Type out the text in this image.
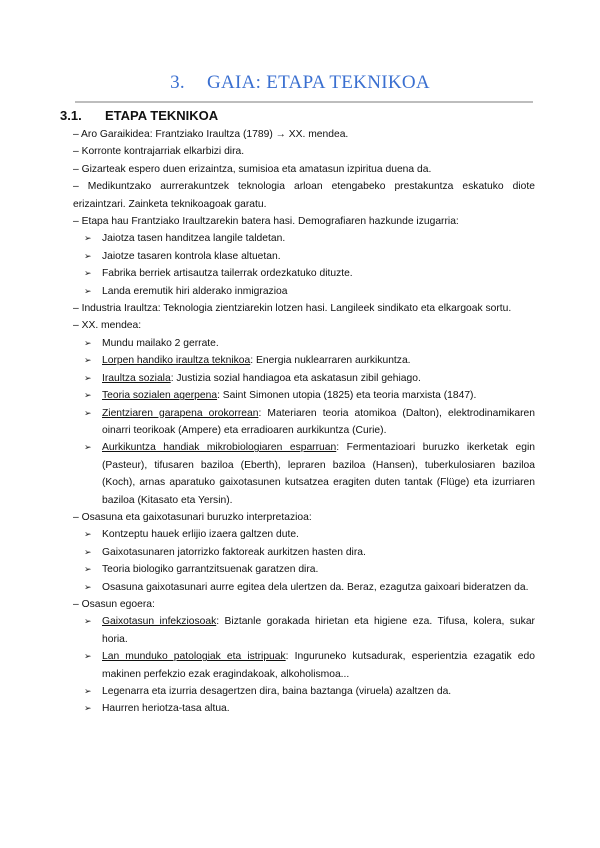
3. GAIA: ETAPA TEKNIKOA
3.1. ETAPA TEKNIKOA

– Aro Garaikidea: Frantziako Iraultza (1789) → XX. mendea.

– Korronte kontrajarriak elkarbizi dira.

– Gizarteak espero duen erizaintza, sumisioa eta amatasun izpiritua duena da.

– Medikuntzako aurrerakuntzek teknologia arloan etengabeko prestakuntza eskatuko diote erizaintzari. Zainketa teknikoagoak garatu.

– Etapa hau Frantziako Iraultzarekin batera hasi. Demografiaren hazkunde izugarria:

➢ Jaiotza tasen handitzea langile taldetan.

➢ Jaiotze tasaren kontrola klase altuetan.

➢ Fabrika berriek artisautza tailerrak ordezkatuko dituzte.

➢ Landa eremutik hiri alderako inmigrazioa

– Industria Iraultza: Teknologia zientziarekin lotzen hasi. Langileek sindikato eta elkargoak sortu.

– XX. mendea:

➢ Mundu mailako 2 gerrate.

➢ Lorpen handiko iraultza teknikoa: Energia nuklearraren aurkikuntza.

➢ Iraultza soziala: Justizia sozial handiagoa eta askatasun zibil gehiago.

➢ Teoria sozialen agerpena: Saint Simonen utopia (1825) eta teoria marxista (1847).

➢ Zientziaren garapena orokorrean: Materiaren teoria atomikoa (Dalton), elektrodinamikaren oinarri teorikoak (Ampere) eta erradioaren aurkikuntza (Curie).

➢ Aurkikuntza handiak mikrobiologiaren esparruan: Fermentazioari buruzko ikerketak egin (Pasteur), tifusaren baziloa (Eberth), lepraren baziloa (Hansen), tuberkulosiaren baziloa (Koch), arnas aparatuko gaixotasunen kutsatzea eragiten duten tantak (Flüge) eta izurriaren baziloa (Kitasato eta Yersin).

– Osasuna eta gaixotasunari buruzko interpretazioa:

➢ Kontzeptu hauek erlijio izaera galtzen dute.

➢ Gaixotasunaren jatorrizko faktoreak aurkitzen hasten dira.

➢ Teoria biologiko garrantzitsuenak garatzen dira.

➢ Osasuna gaixotasunari aurre egitea dela ulertzen da. Beraz, ezagutza gaixoari bideratzen da.

– Osasun egoera:

➢ Gaixotasun infekziosoak: Biztanle gorakada hirietan eta higiene eza. Tifusa, kolera, sukar horia.

➢ Lan munduko patologiak eta istripuak: Inguruneko kutsadurak, esperientzia ezagatik edo makinen perfekzio ezak eragindakoak, alkoholismoa...

➢ Legenarra eta izurria desagertzen dira, baina baztanga (viruela) azaltzen da.

➢ Haurren heriotza-tasa altua.
